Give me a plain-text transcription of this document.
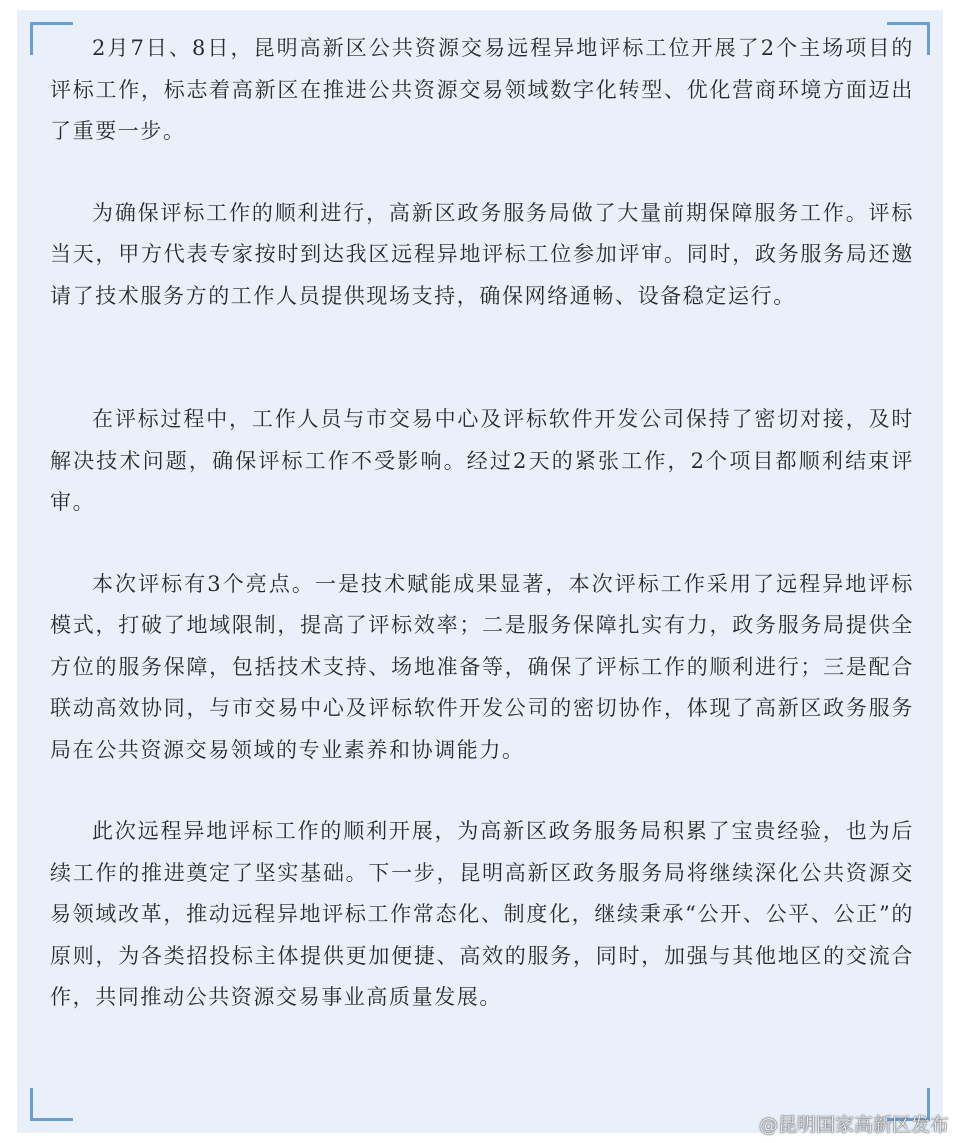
2月7日、8日，昆明高新区公共资源交易远程异地评标工位开展了2个主场项目的评标工作，标志着高新区在推进公共资源交易领域数字化转型、优化营商环境方面迈出了重要一步。

为确保评标工作的顺利进行，高新区政务服务局做了大量前期保障服务工作。评标当天，甲方代表专家按时到达我区远程异地评标工位参加评审。同时，政务服务局还邀请了技术服务方的工作人员提供现场支持，确保网络通畅、设备稳定运行。

在评标过程中，工作人员与市交易中心及评标软件开发公司保持了密切对接，及时解决技术问题，确保评标工作不受影响。经过2天的紧张工作，2个项目都顺利结束评审。

本次评标有3个亮点。一是技术赋能成果显著，本次评标工作采用了远程异地评标模式，打破了地域限制，提高了评标效率；二是服务保障扎实有力，政务服务局提供全方位的服务保障，包括技术支持、场地准备等，确保了评标工作的顺利进行；三是配合联动高效协同，与市交易中心及评标软件开发公司的密切协作，体现了高新区政务服务局在公共资源交易领域的专业素养和协调能力。

此次远程异地评标工作的顺利开展，为高新区政务服务局积累了宝贵经验，也为后续工作的推进奠定了坚实基础。下一步，昆明高新区政务服务局将继续深化公共资源交易领域改革，推动远程异地评标工作常态化、制度化，继续秉承“公开、公平、公正”的原则，为各类招投标主体提供更加便捷、高效的服务，同时，加强与其他地区的交流合作，共同推动公共资源交易事业高质量发展。

@昆明国家高新区发布
